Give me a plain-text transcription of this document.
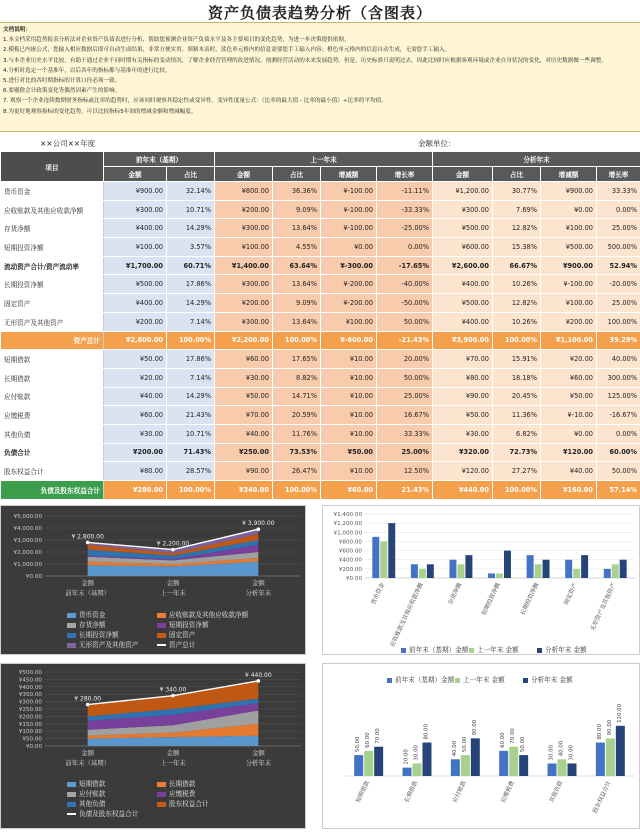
资产负债表趋势分析（含图表）
文档说明：
1.本文档采用趋势报表分析法对企业资产负债表进行分析，帮助您预测企业资产负债水平及各主要项目的变化趋势，为进一步决策提供依据。
2.模板已内嵌公式，您输入相应数据后即可自动生成结果，非常方便实用。填制本表时，蓝色单元格内的信息需要您手工输入内容；橙色单元格内的信息自动生成，无需您手工输入。
3.与本企业历史水平比较，有助于通过企业不同时期有关指标的变动情况，了解企业经营管理的改进情况、预测经营活动的未来发展趋势。但是，历史标准只说明过去，因此比较时应根据客观环境或企业自身状况的变化，对历史数据做一些调整。
4.分析时选定一个基准年，以后各年的指标都与基准年的进行比较。
5.进行对比的各时期指标的计算口径必须一致。
6.要剔除会计政策变化等偶然因素产生的影响。
7. 观察一个企业连续数期财务指标或比率的趋势时，应该同时观察其稳定性或变异性。变异性度量公式：（比率的最大值 - 比率的最小值）÷比率的平均值。
8.为更好地观察指标的变化趋势，可以比较指标5年间的增减金额和增减幅度。
××公司××年度	金额单位：
项目	前年末（基期）		上一年末				分析年末			
	金额	占比	金额	占比	增减额	增长率	金额	占比	增减额	增长率
货币资金	¥900.00	32.14%	¥800.00	36.36%	¥-100.00	-11.11%	¥1,200.00	30.77%	¥900.00	33.33%
应收账款及其他应收款净额	¥300.00	10.71%	¥200.00	9.09%	¥-100.00	-33.33%	¥300.00	7.69%	¥0.00	0.00%
存货净额	¥400.00	14.29%	¥300.00	13.64%	¥-100.00	-25.00%	¥500.00	12.82%	¥100.00	25.00%
短期投资净额	¥100.00	3.57%	¥100.00	4.55%	¥0.00	0.00%	¥600.00	15.38%	¥500.00	500.00%
流动资产合计/资产流动率	¥1,700.00	60.71%	¥1,400.00	63.64%	¥-300.00	-17.65%	¥2,600.00	66.67%	¥900.00	52.94%
长期投资净额	¥500.00	17.86%	¥300.00	13.64%	¥-200.00	-40.00%	¥400.00	10.26%	¥-100.00	-20.00%
固定资产	¥400.00	14.29%	¥200.00	9.09%	¥-200.00	-50.00%	¥500.00	12.82%	¥100.00	25.00%
无形资产及其他资产	¥200.00	7.14%	¥300.00	13.64%	¥100.00	50.00%	¥400.00	10.26%	¥200.00	100.00%
资产总计	¥2,800.00	100.00%	¥2,200.00	100.00%	¥-600.00	-21.43%	¥3,900.00	100.00%	¥1,100.00	39.29%
短期借款	¥50.00	17.86%	¥60.00	17.65%	¥10.00	20.00%	¥70.00	15.91%	¥20.00	40.00%
长期借款	¥20.00	7.14%	¥30.00	8.82%	¥10.00	50.00%	¥80.00	18.18%	¥60.00	300.00%
应付账款	¥40.00	14.29%	¥50.00	14.71%	¥10.00	25.00%	¥90.00	20.45%	¥50.00	125.00%
应缴税费	¥60.00	21.43%	¥70.00	20.59%	¥10.00	16.67%	¥50.00	11.36%	¥-10.00	-16.67%
其他负债	¥30.00	10.71%	¥40.00	11.76%	¥10.00	33.33%	¥30.00	6.82%	¥0.00	0.00%
负债合计	¥200.00	71.43%	¥250.00	73.53%	¥50.00	25.00%	¥320.00	72.73%	¥120.00	60.00%
股东权益合计	¥80.00	28.57%	¥90.00	26.47%	¥10.00	12.50%	¥120.00	27.27%	¥40.00	50.00%
负债及股东权益合计	¥280.00	100.00%	¥340.00	100.00%	¥60.00	21.43%	¥440.00	100.00%	¥160.00	57.14%
¥0.00
¥1,000.00
¥2,000.00
¥3,000.00
¥4,000.00
¥5,000.00
¥ 2,800.00
¥ 2,200.00
¥ 3,900.00
金额
前年末（基期）
金额
上一年末
金额
分析年末
货币资金	应收账款及其他应收款净额
存货净额	短期投资净额
长期投资净额	固定资产
无形资产及其他资产	资产总计
¥0.00
¥200.00
¥400.00
¥600.00
¥800.00
¥1,000.00
¥1,200.00
¥1,400.00
货币资金 应收账款及其他应收款净额	存货净额	短期投资净额	长期投资净额	固定资产	无形资产及其他资产
前年末（基期）金额	上一年末 金额	分析年末 金额
¥0.00
¥50.00
¥100.00
¥150.00
¥200.00
¥250.00
¥300.00
¥350.00
¥400.00
¥450.00
¥500.00
¥ 280.00
¥ 340.00
¥ 440.00
金额
前年末（基期）
金额
上一年末
金额
分析年末
短期借款	长期借款
应付账款	应缴税费
其他负债	股东权益合计
负债及股东权益合计
50.00
20.00
40.00
60.00
30.00
80.00
60.00
30.00
50.00
70.00
40.00
90.00
70.00	80.00	90.00
50.00
30.00
120.00
短期借款	长期借款	应付账款	应缴税费	其他负债	股东权益合计
前年末（基期）金额	上一年末 金额	分析年末 金额
